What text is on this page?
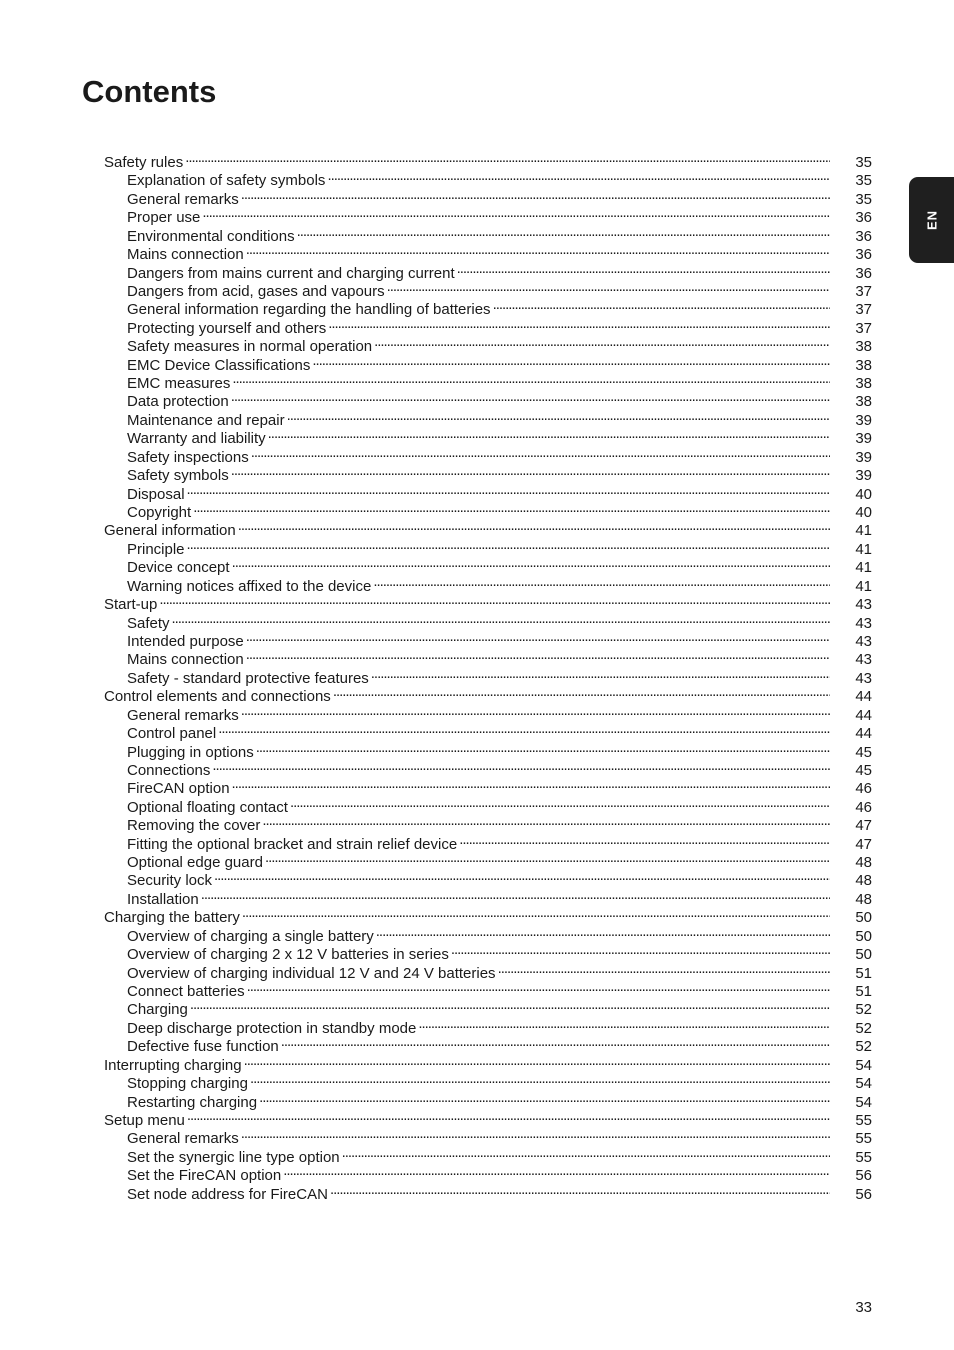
Contents
Safety rules . . .	35
Explanation of safety symbols . . .	35
General remarks . . .	35
Proper use . . .	36
Environmental conditions . . .	36
Mains connection . . .	36
Dangers from mains current and charging current . . .	36
Dangers from acid, gases and vapours . . .	37
General information regarding the handling of batteries . . .	37
Protecting yourself and others . . .	37
Safety measures in normal operation . . .	38
EMC Device Classifications . . .	38
EMC measures . . .	38
Data protection . . .	38
Maintenance and repair . . .	39
Warranty and liability . . .	39
Safety inspections . . .	39
Safety symbols . . .	39
Disposal . . .	40
Copyright . . .	40
General information . . .	41
Principle . . .	41
Device concept . . .	41
Warning notices affixed to the device . . .	41
Start-up . . .	43
Safety . . .	43
Intended purpose . . .	43
Mains connection . . .	43
Safety - standard protective features . . .	43
Control elements and connections . . .	44
General remarks . . .	44
Control panel . . .	44
Plugging in options . . .	45
Connections . . .	45
FireCAN option . . .	46
Optional floating contact . . .	46
Removing the cover . . .	47
Fitting the optional bracket and strain relief device . . .	47
Optional edge guard . . .	48
Security lock . . .	48
Installation . . .	48
Charging the battery . . .	50
Overview of charging a single battery . . .	50
Overview of charging 2 x 12 V batteries in series . . .	50
Overview of charging individual 12 V and 24 V batteries . . .	51
Connect batteries . . .	51
Charging . . .	52
Deep discharge protection in standby mode . . .	52
Defective fuse function . . .	52
Interrupting charging . . .	54
Stopping charging . . .	54
Restarting charging . . .	54
Setup menu . . .	55
General remarks . . .	55
Set the synergic line type option . . .	55
Set the FireCAN option . . .	56
Set node address for FireCAN . . .	56
EN
33
